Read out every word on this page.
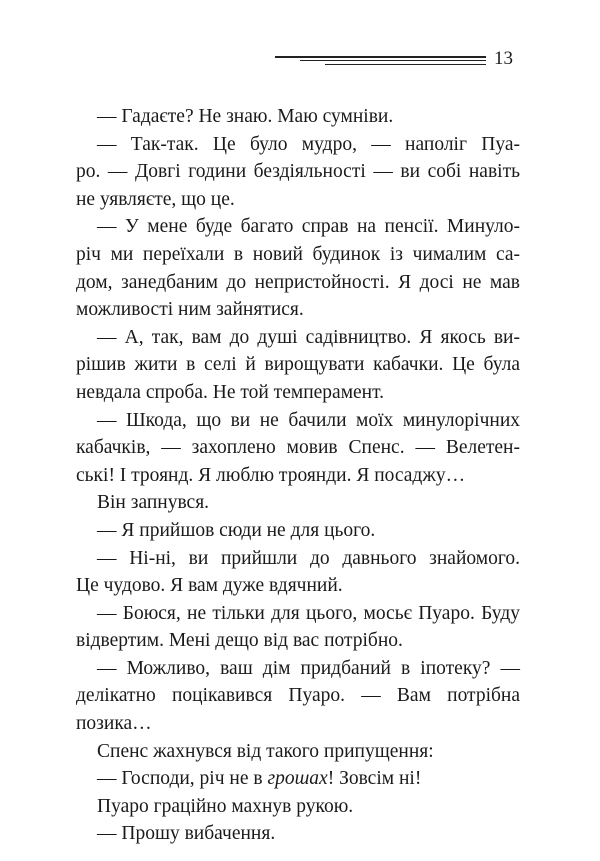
13

— Гадаєте? Не знаю. Маю сумніви.

— Так-так. Це було мудро, — наполіг Пуа-
ро. — Довгі години бездіяльності — ви собі навіть
не уявляєте, що це.

— У мене буде багато справ на пенсії. Минуло-
річ ми переїхали в новий будинок із чималим са-
дом, занедбаним до непристойності. Я досі не мав
можливості ним зайнятися.

— А, так, вам до душі садівництво. Я якось ви-
рішив жити в селі й вирощувати кабачки. Це була
невдала спроба. Не той темперамент.

— Шкода, що ви не бачили моїх минулорічних
кабачків, — захоплено мовив Спенс. — Велетен-
ські! І троянд. Я люблю троянди. Я посаджу…

Він запнувся.

— Я прийшов сюди не для цього.

— Ні-ні, ви прийшли до давнього знайомого.
Це чудово. Я вам дуже вдячний.

— Боюся, не тільки для цього, мосьє Пуаро. Буду
відвертим. Мені дещо від вас потрібно.

— Можливо, ваш дім придбаний в іпотеку? —
делікатно поцікавився Пуаро. — Вам потрібна
позика…

Спенс жахнувся від такого припущення:

— Господи, річ не в грошах! Зовсім ні!

Пуаро граційно махнув рукою.

— Прошу вибачення.
